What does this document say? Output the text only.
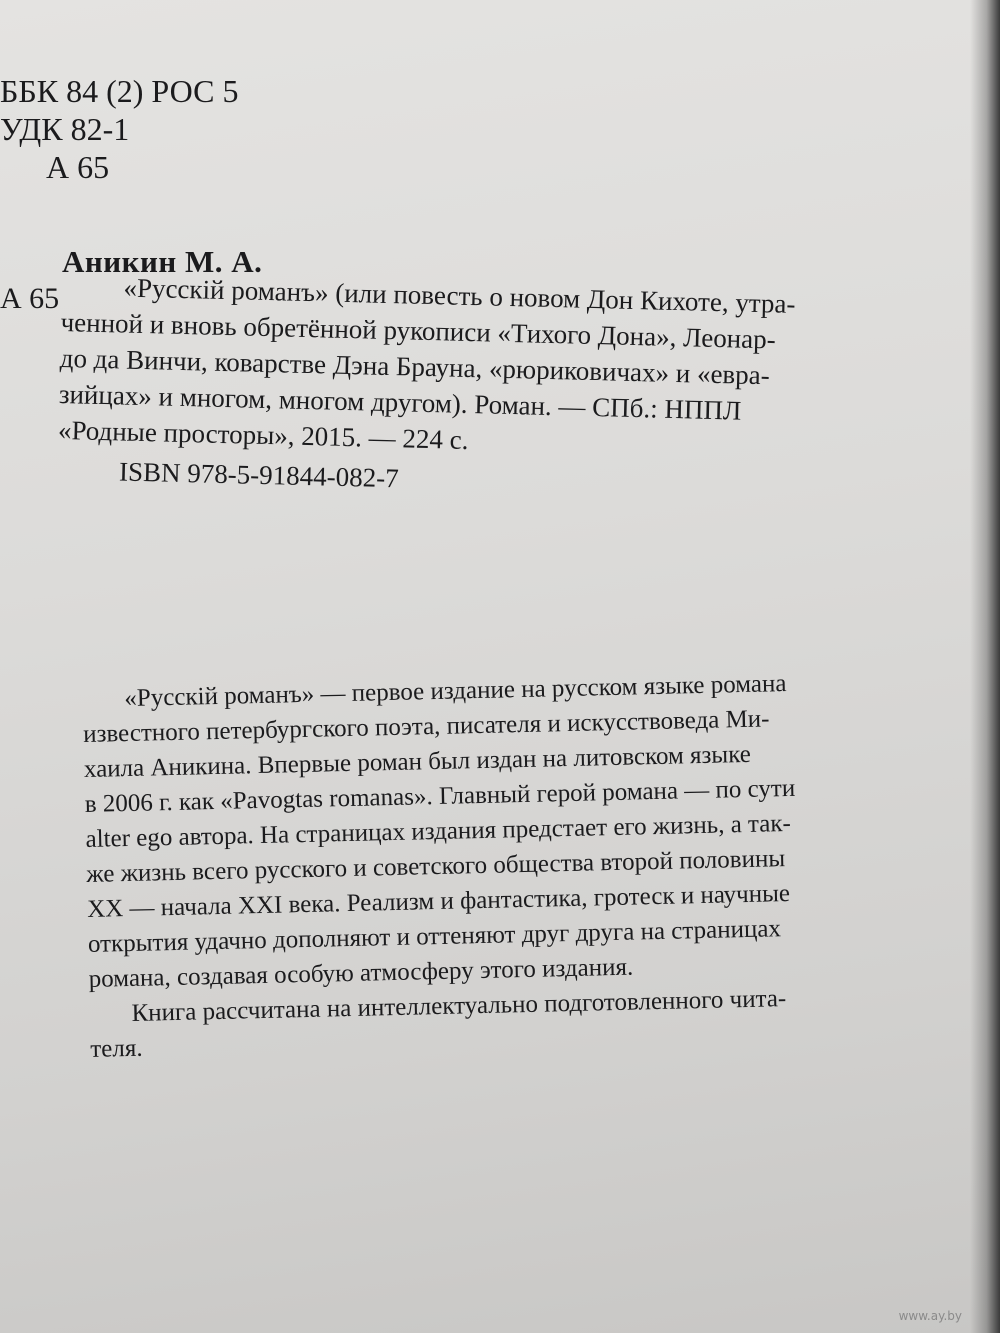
ББК 84 (2) РОС 5
УДК 82-1
А 65
Аникин М. А.
А 65	«Русскій романъ» (или повесть о новом Дон Кихоте, утра-
ченной и вновь обретённой рукописи «Тихого Дона», Леонар-
до да Винчи, коварстве Дэна Брауна, «рюриковичах» и «евра-
зийцах» и многом, многом другом). Роман. — СПб.: НППЛ
«Родные просторы», 2015. — 224 с.
ISBN 978-5-91844-082-7
«Русскій романъ» — первое издание на русском языке романа
известного петербургского поэта, писателя и искусствоведа Ми-
хаила Аникина. Впервые роман был издан на литовском языке
в 2006 г. как «Pavogtas romanas». Главный герой романа — по сути
alter ego автора. На страницах издания предстает его жизнь, а так-
же жизнь всего русского и советского общества второй половины
XX — начала XXI века. Реализм и фантастика, гротеск и научные
открытия удачно дополняют и оттеняют друг друга на страницах
романа, создавая особую атмосферу этого издания.
Книга рассчитана на интеллектуально подготовленного чита-
теля.
www.ay.by
